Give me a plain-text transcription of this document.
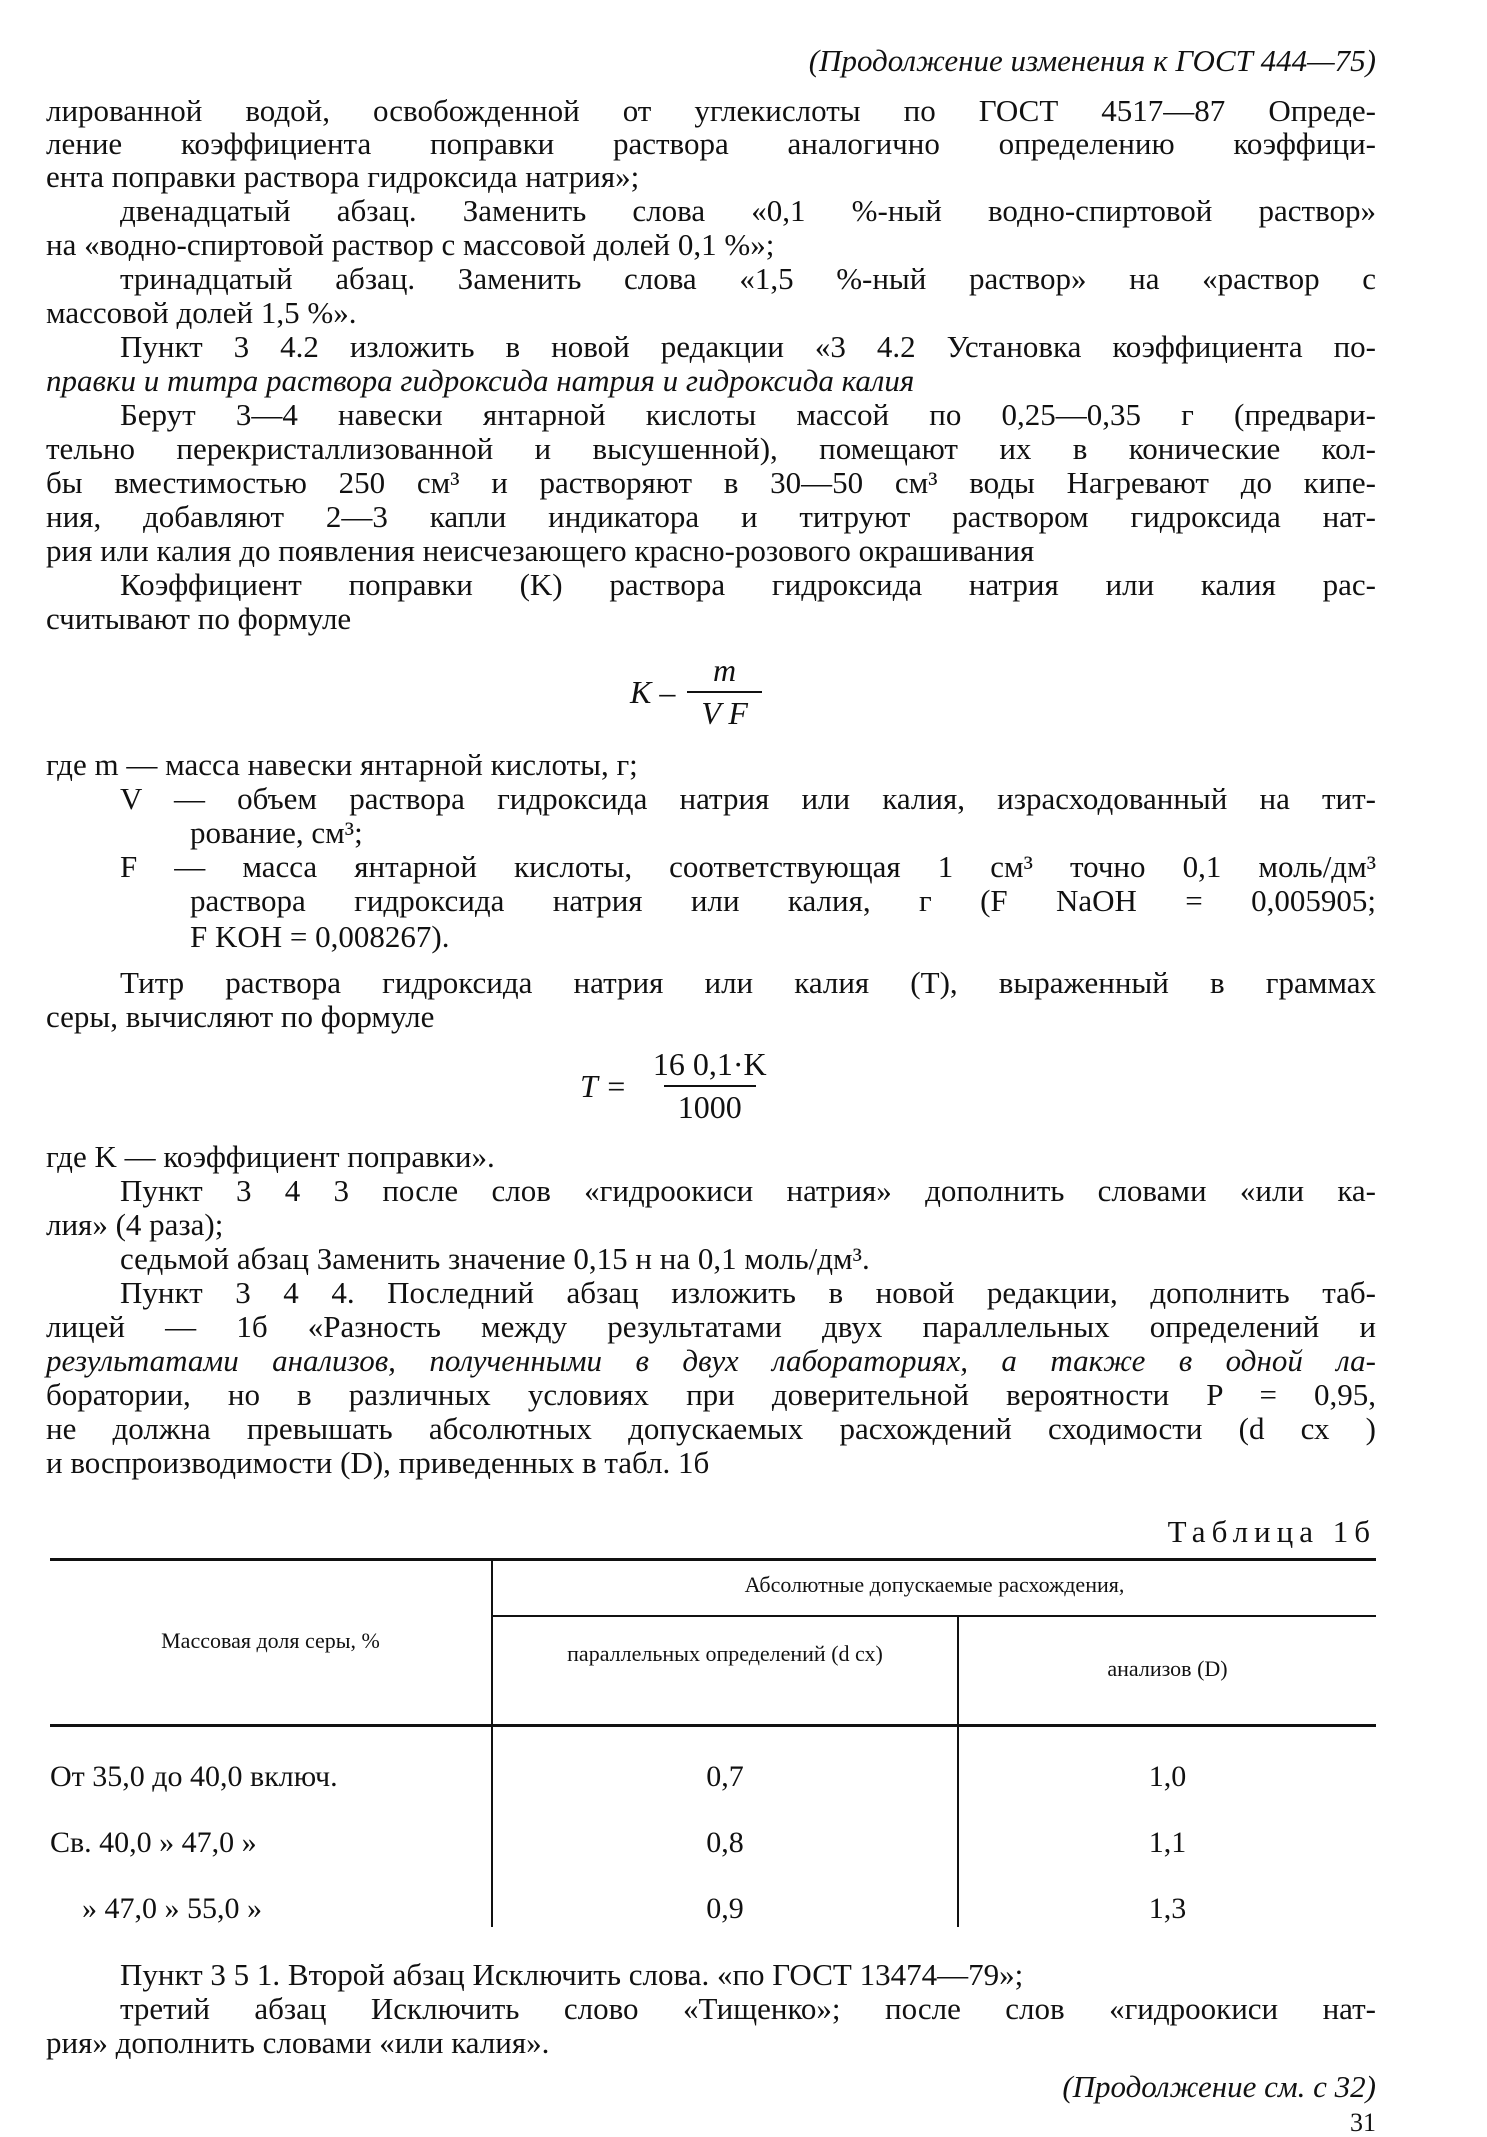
(Продолжение изменения к ГОСТ 444—75)
лированной водой, освобожденной от углекислоты по ГОСТ 4517—87 Опреде-
ление коэффициента поправки раствора аналогично определению коэффици-
ента поправки раствора гидроксида натрия»;
двенадцатый абзац. Заменить слова «0,1 %-ный водно-спиртовой раствор»
на «водно-спиртовой раствор с массовой долей 0,1 %»;
тринадцатый абзац. Заменить слова «1,5 %-ный раствор» на «раствор с
массовой долей 1,5 %».
Пункт 3 4.2 изложить в новой редакции «3 4.2 Установка коэффициента по-
правки и титра раствора гидроксида натрия и гидроксида калия
Берут 3—4 навески янтарной кислоты массой по 0,25—0,35 г (предвари-
тельно перекристаллизованной и высушенной), помещают их в конические кол-
бы вместимостью 250 см³ и растворяют в 30—50 см³ воды Нагревают до кипе-
ния, добавляют 2—3 капли индикатора и титруют раствором гидроксида нат-
рия или калия до появления неисчезающего красно-розового окрашивания
Коэффициент поправки (K) раствора гидроксида натрия или калия рас-
считывают по формуле
K – $\frac{m}{\text{V F}}$
где m — масса навески янтарной кислоты, г;
V — объем раствора гидроксида натрия или калия, израсходованный на тит-
рование, см³;
F — масса янтарной кислоты, соответствующая 1 см³ точно 0,1 моль/дм³
раствора гидроксида натрия или калия, г (F NaOH = 0,005905;
F KOH = 0,008267).
Титр раствора гидроксида натрия или калия (T), выраженный в граммах
серы, вычисляют по формуле
$T = \frac{16 0,1\cdot K}{1000}$
где K — коэффициент поправки».
Пункт 3 4 3 после слов «гидроокиси натрия» дополнить словами «или ка-
лия» (4 раза);
седьмой абзац Заменить значение 0,15 н на 0,1 моль/дм³.
Пункт 3 4 4. Последний абзац изложить в новой редакции, дополнить таб-
лицей — 1б «Разность между результатами двух параллельных определений и
результатами анализов, полученными в двух лабораториях, а также в одной ла-
боратории, но в различных условиях при доверительной вероятности P = 0,95,
не должна превышать абсолютных допускаемых расхождений сходимости (d сх )
и воспроизводимости (D), приведенных в табл. 1б
Таблица 1б
Массовая доля серы, %
Абсолютные допускаемые расхождения,
параллельных определений (d сх)
анализов (D)
От 35,0 до 40,0 включ.	0,7	1,0
Св. 40,0 » 47,0 »	0,8	1,1
» 47,0 » 55,0 »	0,9	1,3
Пункт 3 5 1. Второй абзац Исключить слова. «по ГОСТ 13474—79»;
третий абзац Исключить слово «Тищенко»; после слов «гидроокиси нат-
рия» дополнить словами «или калия».
(Продолжение см. с 32)
31
